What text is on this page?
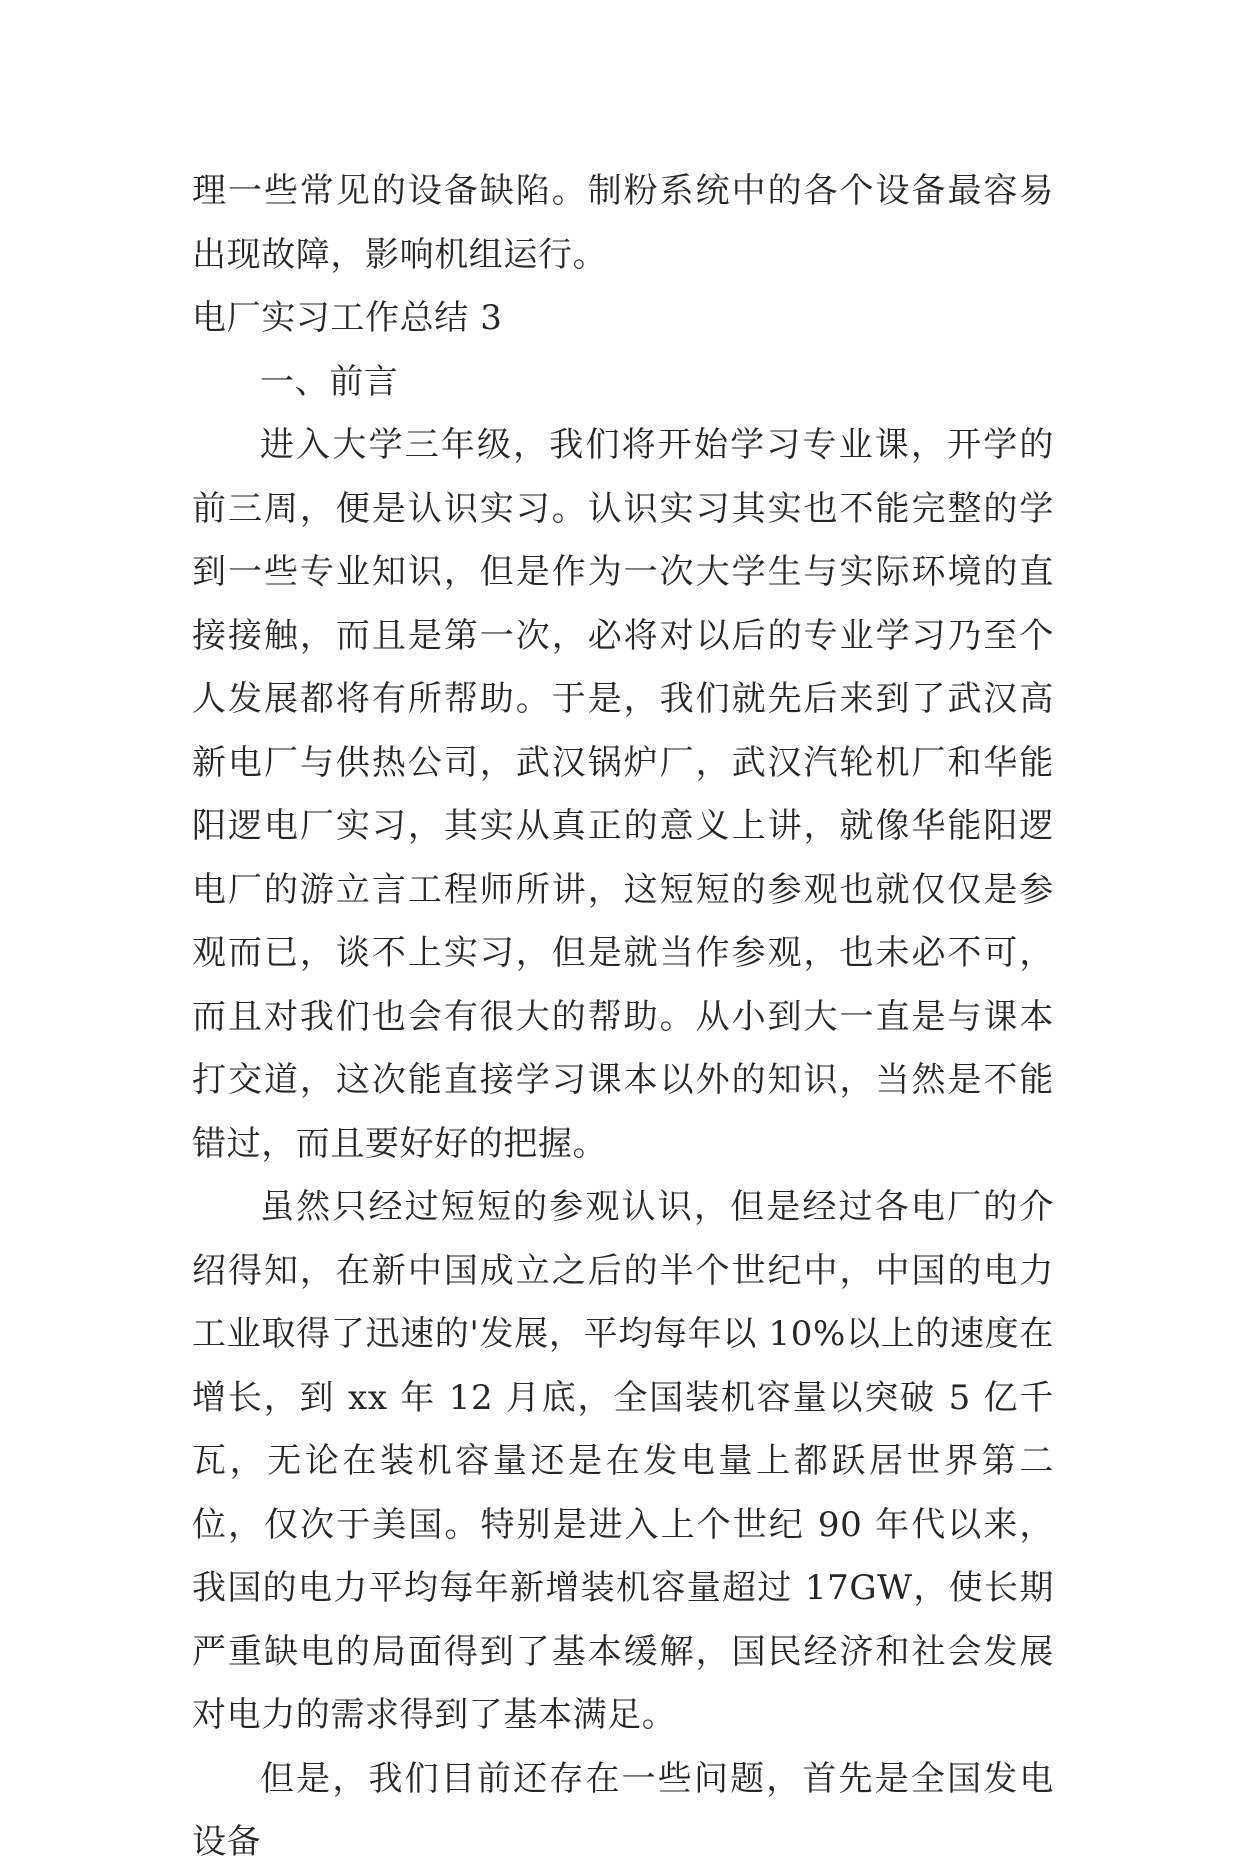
理一些常见的设备缺陷。制粉系统中的各个设备最容易出现故障，影响机组运行。

电厂实习工作总结 3

一、前言

进入大学三年级，我们将开始学习专业课，开学的前三周，便是认识实习。认识实习其实也不能完整的学到一些专业知识，但是作为一次大学生与实际环境的直接接触，而且是第一次，必将对以后的专业学习乃至个人发展都将有所帮助。于是，我们就先后来到了武汉高新电厂与供热公司，武汉锅炉厂，武汉汽轮机厂和华能阳逻电厂实习，其实从真正的意义上讲，就像华能阳逻电厂的游立言工程师所讲，这短短的参观也就仅仅是参观而已，谈不上实习，但是就当作参观，也未必不可，而且对我们也会有很大的帮助。从小到大一直是与课本打交道，这次能直接学习课本以外的知识，当然是不能错过，而且要好好的把握。

虽然只经过短短的参观认识，但是经过各电厂的介绍得知，在新中国成立之后的半个世纪中，中国的电力工业取得了迅速的'发展，平均每年以 10%以上的速度在增长，到 xx 年 12 月底，全国装机容量以突破 5 亿千瓦，无论在装机容量还是在发电量上都跃居世界第二位，仅次于美国。特别是进入上个世纪 90 年代以来，我国的电力平均每年新增装机容量超过 17GW，使长期严重缺电的局面得到了基本缓解，国民经济和社会发展对电力的需求得到了基本满足。

但是，我们目前还存在一些问题，首先是全国发电设备
